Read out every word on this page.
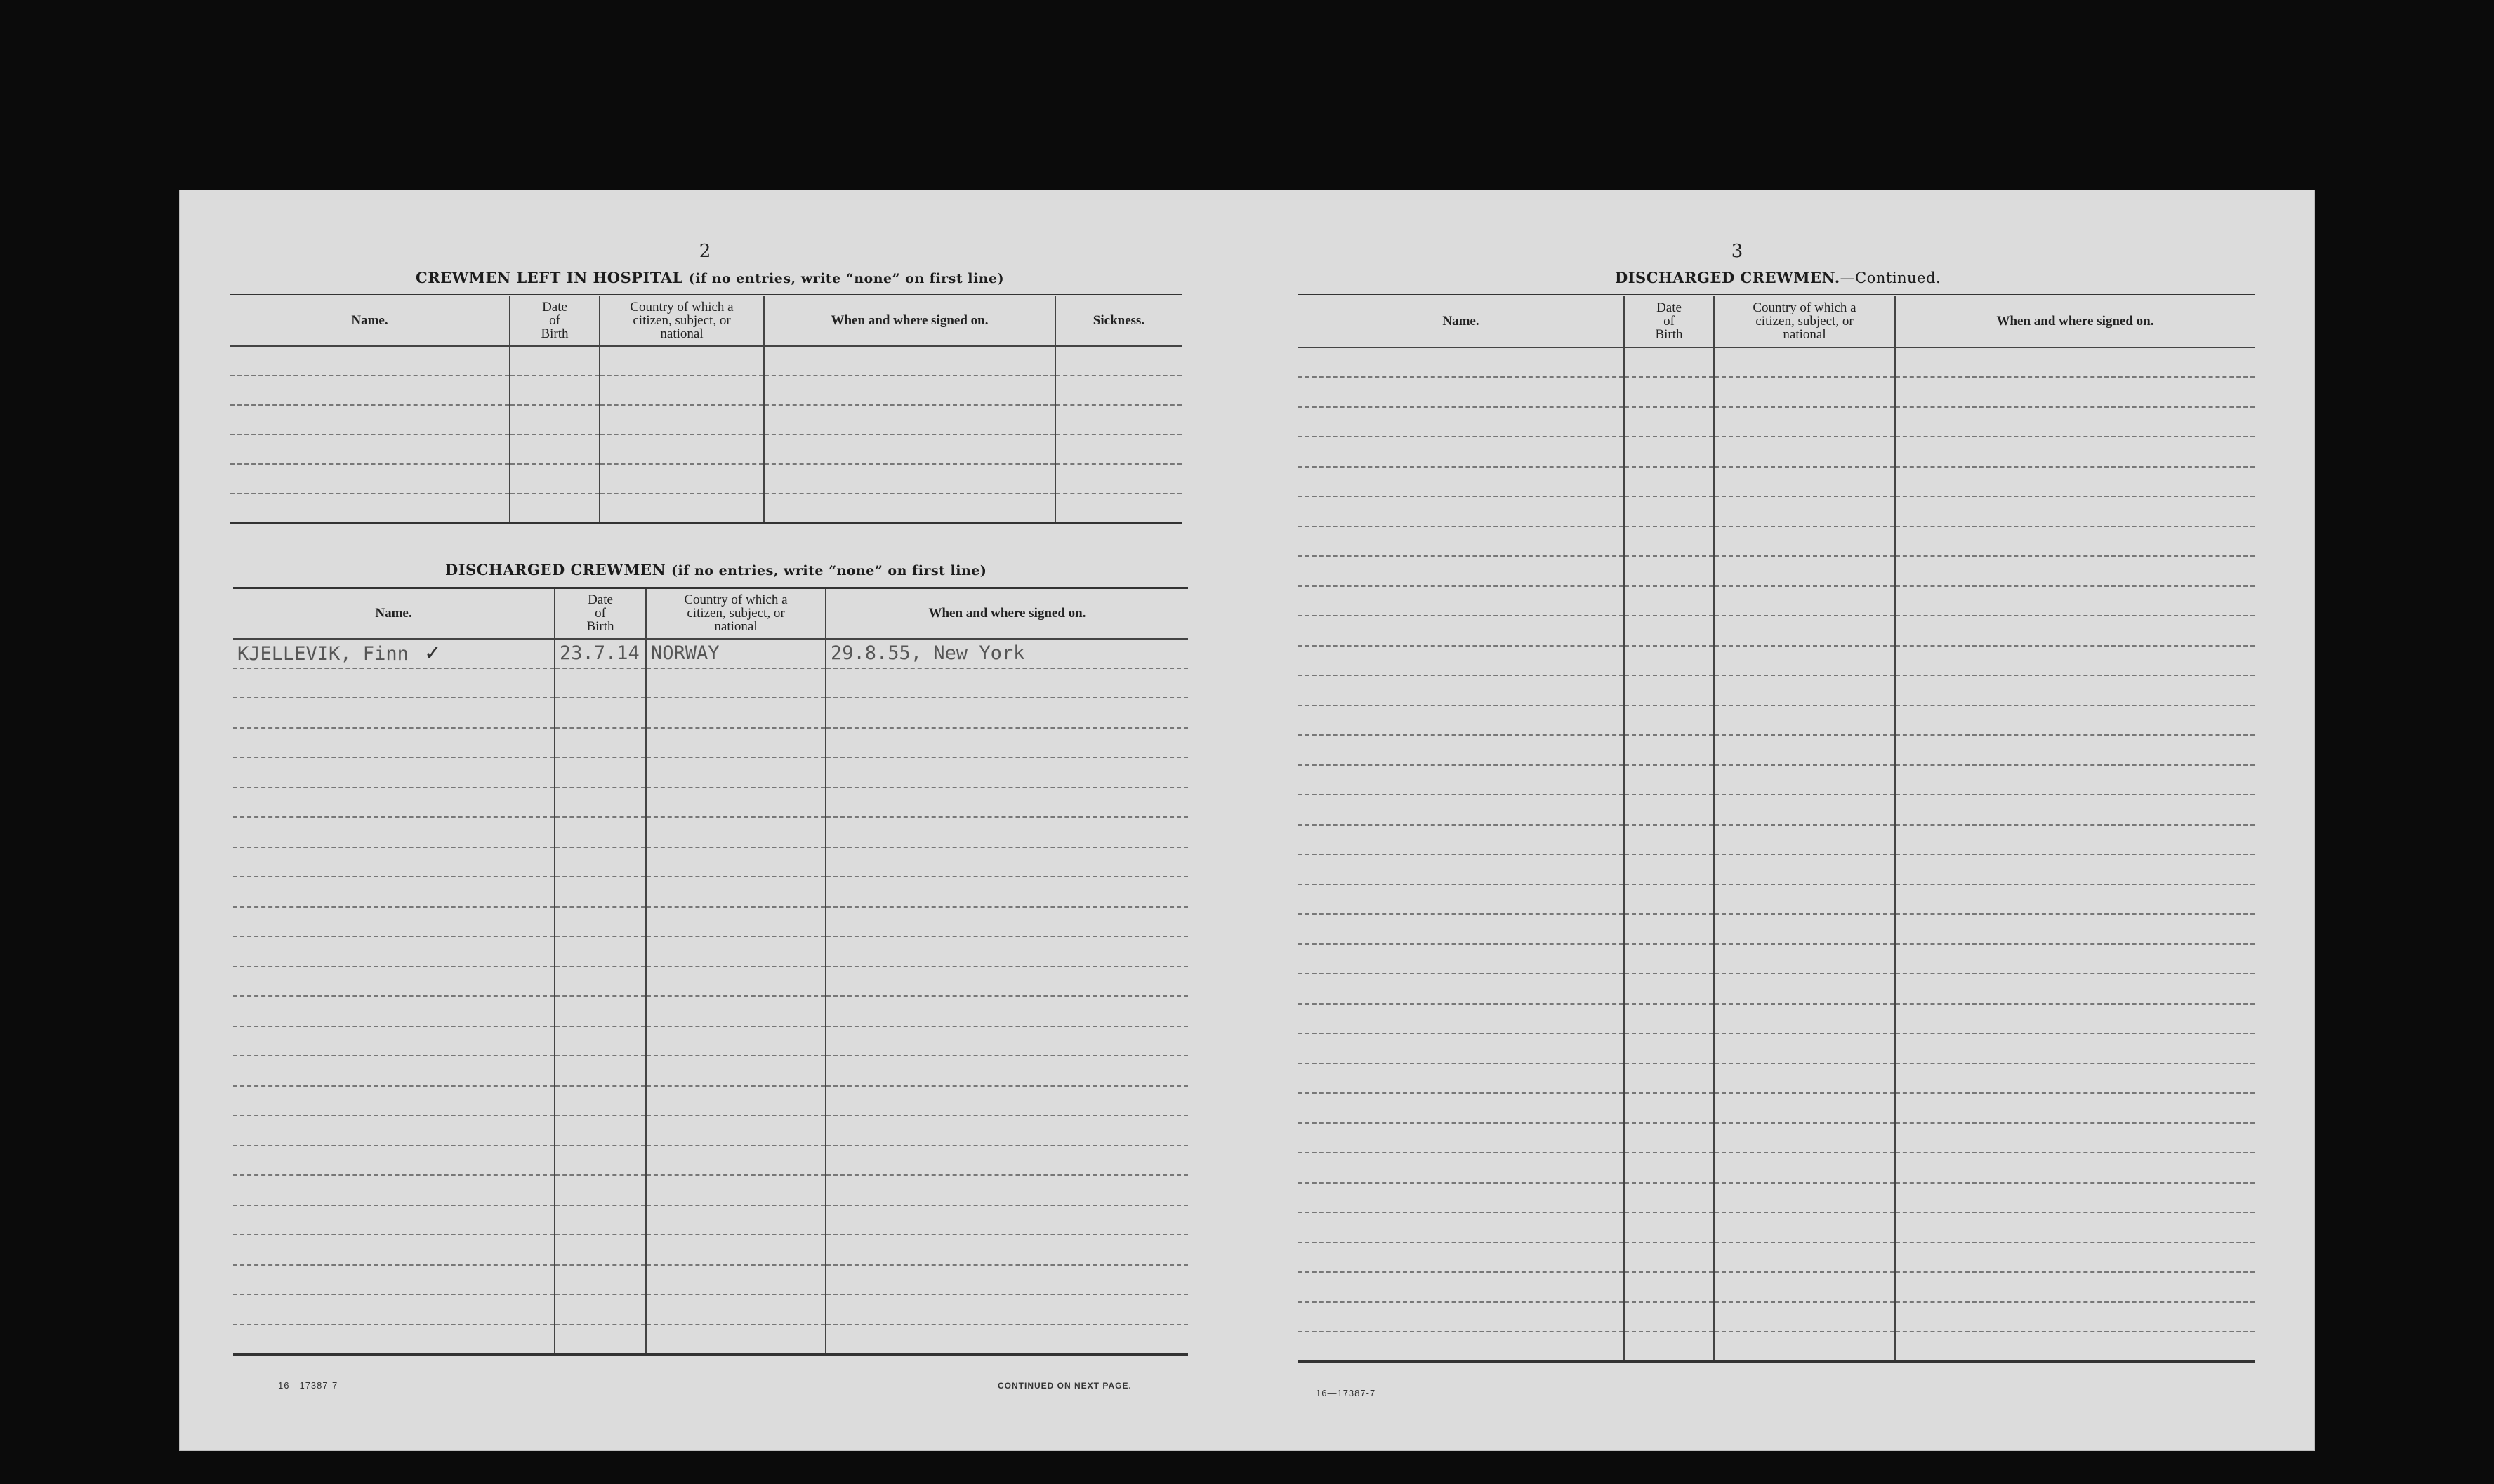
2
CREWMEN LEFT IN HOSPITAL (if no entries, write “none” on first line)
Name.	Date
of
Birth	Country of which a
citizen, subject, or
national	When and where signed on.	Sickness.

DISCHARGED CREWMEN (if no entries, write “none” on first line)
Name.	Date
of
Birth	Country of which a
citizen, subject, or
national	When and where signed on.
KJELLEVIK, Finn ✓	23.7.14	NORWAY	29.8.55, New York

16—17387-7	CONTINUED ON NEXT PAGE.
3
DISCHARGED CREWMEN.—Continued.
Name.	Date
of
Birth	Country of which a
citizen, subject, or
national	When and where signed on.

16—17387-7
